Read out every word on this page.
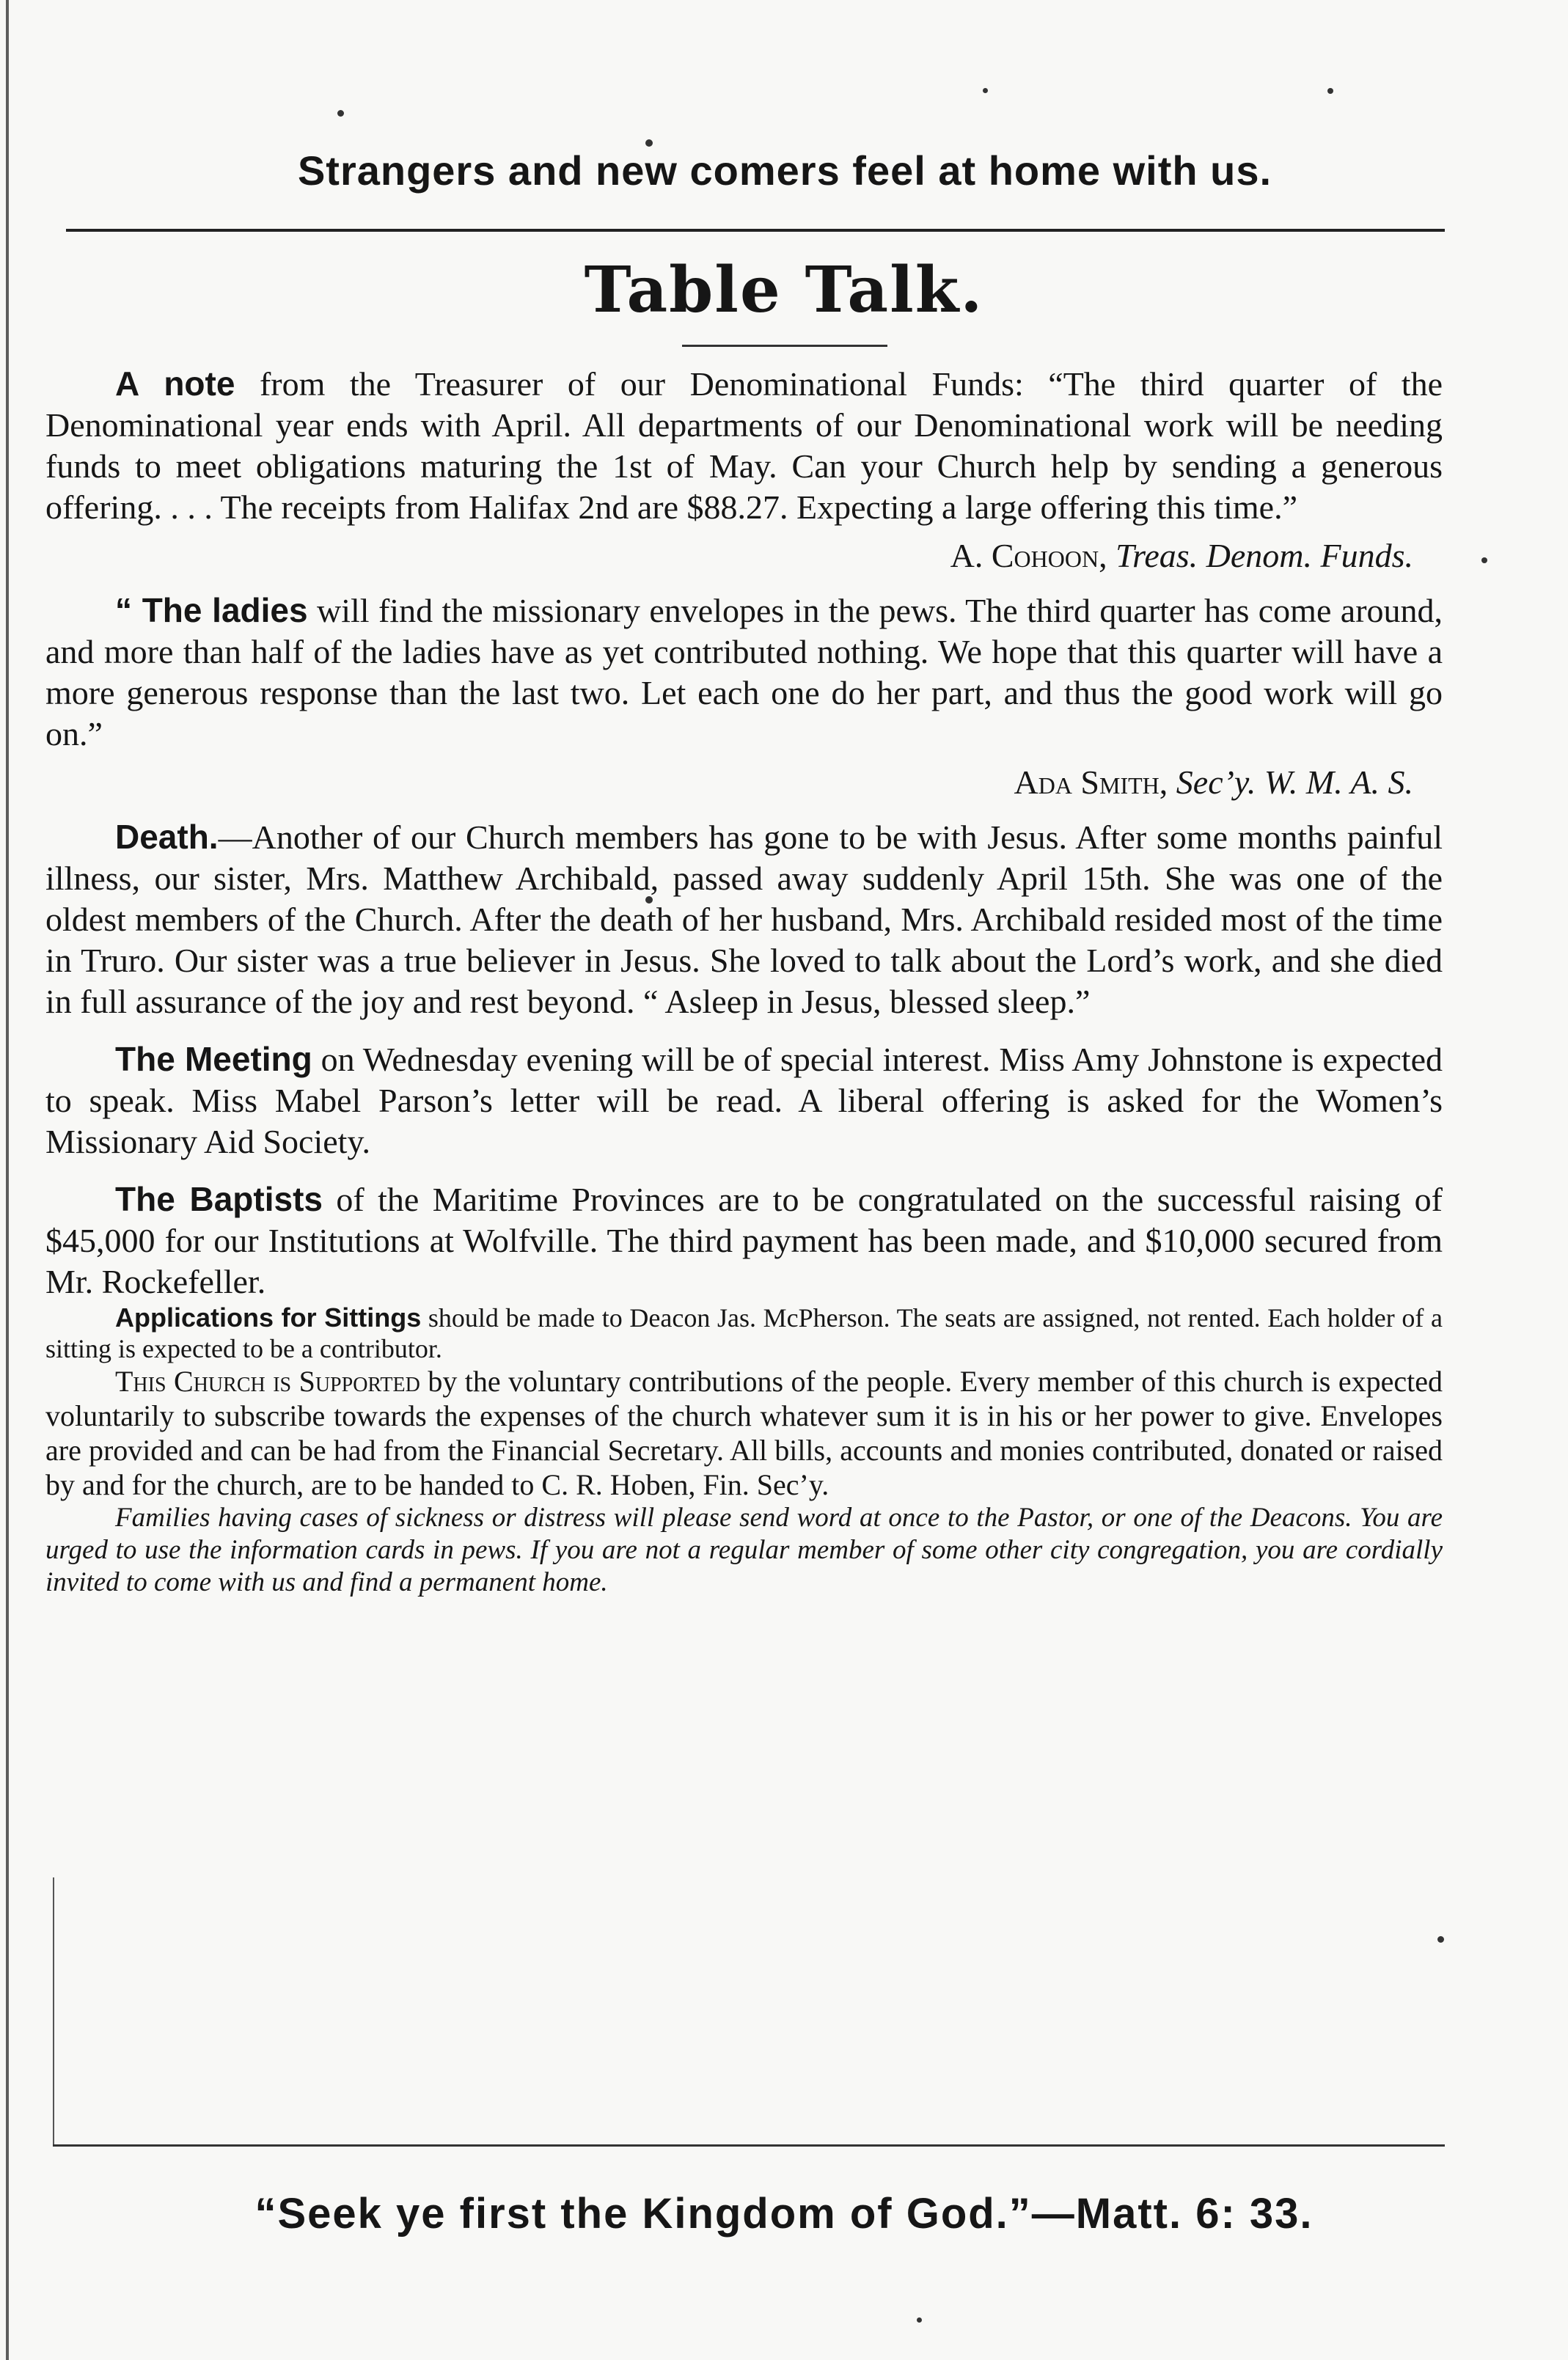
Strangers and new comers feel at home with us.
Table Talk.

A note from the Treasurer of our Denominational Funds: “The third quarter of the Denominational year ends with April. All departments of our Denominational work will be needing funds to meet obligations maturing the 1st of May. Can your Church help by sending a generous offering. . . . The receipts from Halifax 2nd are $88.27. Expecting a large offering this time.”

A. Cohoon, Treas. Denom. Funds.

“ The ladies will find the missionary envelopes in the pews. The third quarter has come around, and more than half of the ladies have as yet contributed nothing. We hope that this quarter will have a more generous response than the last two. Let each one do her part, and thus the good work will go on.”

Ada Smith, Sec’y. W. M. A. S.

Death.—Another of our Church members has gone to be with Jesus. After some months painful illness, our sister, Mrs. Matthew Archibald, passed away suddenly April 15th. She was one of the oldest members of the Church. After the death of her husband, Mrs. Archibald resided most of the time in Truro. Our sister was a true believer in Jesus. She loved to talk about the Lord’s work, and she died in full assurance of the joy and rest beyond. “ Asleep in Jesus, blessed sleep.”

The Meeting on Wednesday evening will be of special interest. Miss Amy Johnstone is expected to speak. Miss Mabel Parson’s letter will be read. A liberal offering is asked for the Women’s Missionary Aid Society.

The Baptists of the Maritime Provinces are to be congratulated on the successful raising of $45,000 for our Institutions at Wolfville. The third payment has been made, and $10,000 secured from Mr. Rockefeller.

Applications for Sittings should be made to Deacon Jas. McPherson. The seats are assigned, not rented. Each holder of a sitting is expected to be a contributor.

This Church is Supported by the voluntary contributions of the people. Every member of this church is expected voluntarily to subscribe towards the expenses of the church whatever sum it is in his or her power to give. Envelopes are provided and can be had from the Financial Secretary. All bills, accounts and monies contributed, donated or raised by and for the church, are to be handed to C. R. Hoben, Fin. Sec’y.

Families having cases of sickness or distress will please send word at once to the Pastor, or one of the Deacons. You are urged to use the information cards in pews. If you are not a regular member of some other city congregation, you are cordially invited to come with us and find a permanent home.

“Seek ye first the Kingdom of God.”—Matt. 6: 33.
